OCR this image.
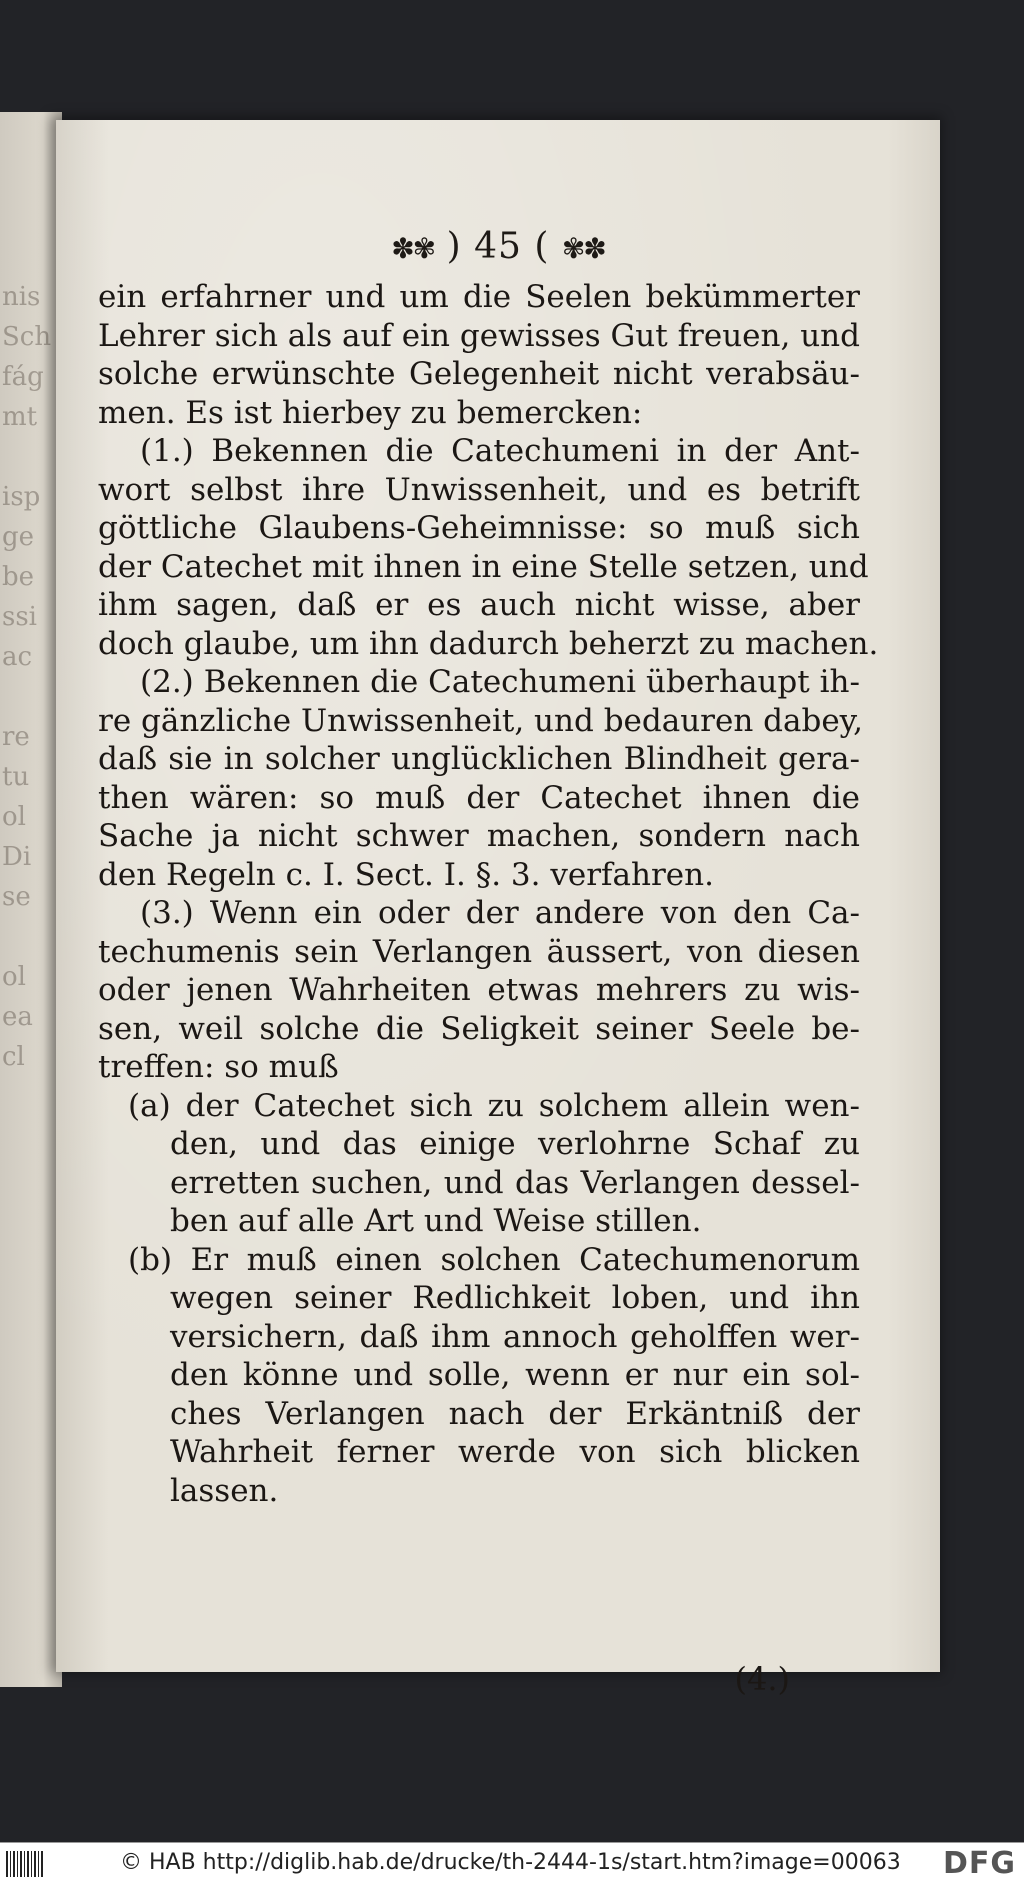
nis
Sch
fág
mt
isp
ge
be
ssi
ac
re
tu
ol
Di
se
ol
ea
cl
✽✾ ) 45 ( ✾✽
ein erfahrner und um die Seelen bekümmerter
Lehrer sich als auf ein gewisses Gut freuen, und
solche erwünschte Gelegenheit nicht verabsäu-
men. Es ist hierbey zu bemercken:
(1.) Bekennen die Catechumeni in der Ant-
wort selbst ihre Unwissenheit, und es betrift
göttliche Glaubens-Geheimnisse: so muß sich
der Catechet mit ihnen in eine Stelle setzen, und
ihm sagen, daß er es auch nicht wisse, aber
doch glaube, um ihn dadurch beherzt zu machen.
(2.) Bekennen die Catechumeni überhaupt ih-
re gänzliche Unwissenheit, und bedauren dabey,
daß sie in solcher unglücklichen Blindheit gera-
then wären: so muß der Catechet ihnen die
Sache ja nicht schwer machen, sondern nach
den Regeln c. I. Sect. I. §. 3. verfahren.
(3.) Wenn ein oder der andere von den Ca-
techumenis sein Verlangen äussert, von diesen
oder jenen Wahrheiten etwas mehrers zu wis-
sen, weil solche die Seligkeit seiner Seele be-
treffen: so muß
(a) der Catechet sich zu solchem allein wen-
den, und das einige verlohrne Schaf zu
erretten suchen, und das Verlangen dessel-
ben auf alle Art und Weise stillen.
(b) Er muß einen solchen Catechumenorum
wegen seiner Redlichkeit loben, und ihn
versichern, daß ihm annoch geholffen wer-
den könne und solle, wenn er nur ein sol-
ches Verlangen nach der Erkäntniß der
Wahrheit ferner werde von sich blicken
lassen.
(4.)
© HAB http://diglib.hab.de/drucke/th-2444-1s/start.htm?image=00063 DFG
